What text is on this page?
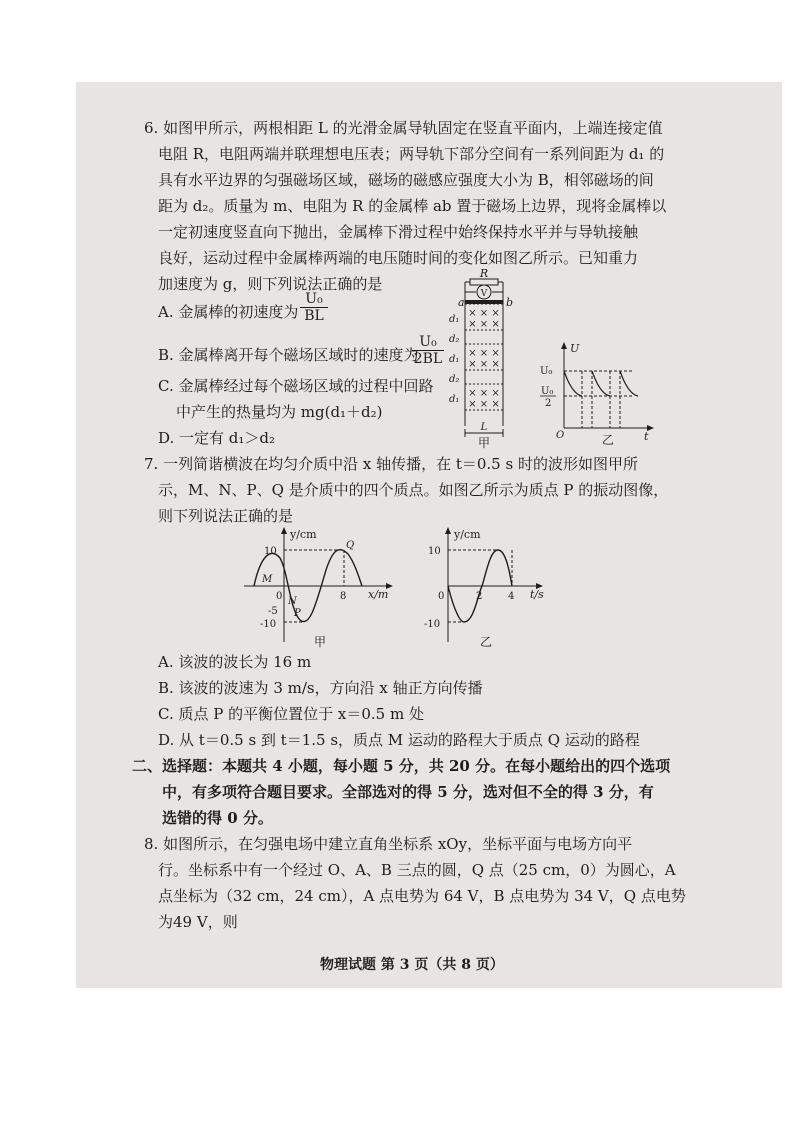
6. 如图甲所示，两根相距 L 的光滑金属导轨固定在竖直平面内，上端连接定值
电阻 R，电阻两端并联理想电压表；两导轨下部分空间有一系列间距为 d₁ 的
具有水平边界的匀强磁场区域，磁场的磁感应强度大小为 B，相邻磁场的间
距为 d₂。质量为 m、电阻为 R 的金属棒 ab 置于磁场上边界，现将金属棒以
一定初速度竖直向下抛出，金属棒下滑过程中始终保持水平并与导轨接触
良好，运动过程中金属棒两端的电压随时间的变化如图乙所示。已知重力
加速度为 g，则下列说法正确的是
A. 金属棒的初速度为 $\frac{\text{U₀}}{BL}$
B. 金属棒离开每个磁场区域时的速度为
$\frac{\text{U₀}}{2BL}$
C. 金属棒经过每个磁场区域的过程中回路
中产生的热量均为 mg(d₁＋d₂)
D. 一定有 d₁＞d₂
R
V
a	b
× × ×
× × ×
× × ×
× × ×
× × ×
× × ×
d₁
d₂
d₁
d₂
d₁
L
甲
U
t
O
U₀
U₀
2
乙
7. 一列简谐横波在均匀介质中沿 x 轴传播，在 t＝0.5 s 时的波形如图甲所
示，M、N、P、Q 是介质中的四个质点。如图乙所示为质点 P 的振动图像，
则下列说法正确的是
y/cm
x/m
10
-5
-10
0	8
M
N
P
Q
甲
y/cm
t/s
10
-10
0	2	4
乙
A. 该波的波长为 16 m
B. 该波的波速为 3 m/s，方向沿 x 轴正方向传播
C. 质点 P 的平衡位置位于 x＝0.5 m 处
D. 从 t＝0.5 s 到 t＝1.5 s，质点 M 运动的路程大于质点 Q 运动的路程
二、选择题：本题共 4 小题，每小题 5 分，共 20 分。在每小题给出的四个选项
中，有多项符合题目要求。全部选对的得 5 分，选对但不全的得 3 分，有
选错的得 0 分。
8. 如图所示，在匀强电场中建立直角坐标系 xOy，坐标平面与电场方向平
行。坐标系中有一个经过 O、A、B 三点的圆，Q 点（25 cm，0）为圆心，A
点坐标为（32 cm，24 cm），A 点电势为 64 V，B 点电势为 34 V，Q 点电势
为49 V，则
物理试题 第 3 页（共 8 页）
